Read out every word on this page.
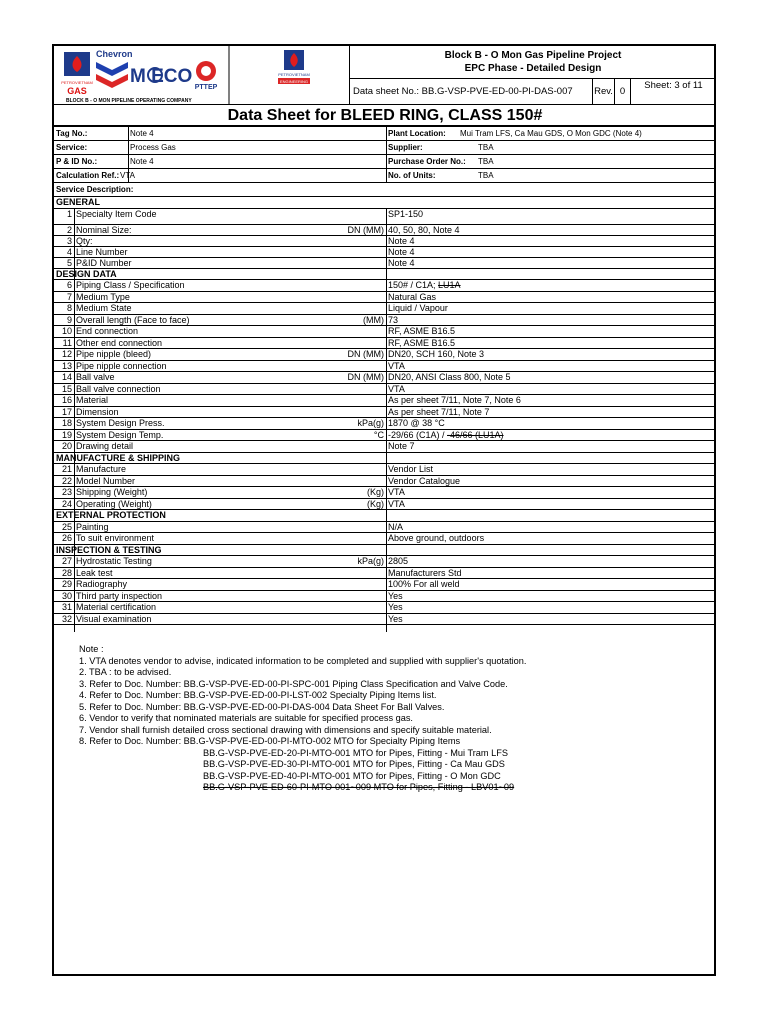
PETROVIETNAM
GAS
Chevron
M ECO
PTTEP
PETROVIETNAM
ENGINEERING
BLOCK B - O MON PIPELINE OPERATING COMPANY
Block B - O Mon Gas Pipeline Project
EPC Phase - Detailed Design
Data sheet No.: BB.G-VSP-PVE-ED-00-PI-DAS-007	Rev. 0
Sheet: 3 of 11
Data Sheet for BLEED RING, CLASS 150#
Tag No.:	Note 4	Plant Location: Mui Tram LFS, Ca Mau GDS, O Mon GDC (Note 4)
Service:	Process Gas	Supplier:	TBA
P & ID No.:	Note 4	Purchase Order No.: TBA
Calculation Ref.: VTA	No. of Units:	TBA
Service Description:
GENERAL
1 Specialty Item Code	SP1-150
2 Nominal Size:	DN (MM) 40, 50, 80, Note 4
3 Qty:	Note 4
4 Line Number	Note 4
5 P&ID Number	Note 4
DESIGN DATA
6 Piping Class / Specification	150# / C1A; LU1A
7 Medium Type	Natural Gas
8 Medium State	Liquid / Vapour
9 Overall length (Face to face)	(MM) 73
10 End connection	RF, ASME B16.5
11 Other end connection	RF, ASME B16.5
12 Pipe nipple (bleed)	DN (MM) DN20, SCH 160, Note 3
13 Pipe nipple connection	VTA
14 Ball valve	DN (MM) DN20, ANSI Class 800, Note 5
15 Ball valve connection	VTA
16 Material	As per sheet 7/11, Note 7, Note 6
17 Dimension	As per sheet 7/11, Note 7
18 System Design Press.	kPa(g) 1870 @ 38 °C
19 System Design Temp.	°C -29/66 (C1A) / -46/66 (LU1A)
20 Drawing detail	Note 7
MANUFACTURE & SHIPPING
21 Manufacture	Vendor List
22 Model Number	Vendor Catalogue
23 Shipping (Weight)	(Kg) VTA
24 Operating (Weight)	(Kg) VTA
EXTERNAL PROTECTION
25 Painting	N/A
26 To suit environment	Above ground, outdoors
INSPECTION & TESTING
27 Hydrostatic Testing	kPa(g) 2805
28 Leak test	Manufacturers Std
29 Radiography	100% For all weld
30 Third party inspection	Yes
31 Material certification	Yes
32 Visual examination	Yes
Note :
1. VTA denotes vendor to advise, indicated information to be completed and supplied with supplier's quotation.
2. TBA : to be advised.
3. Refer to Doc. Number: BB.G-VSP-PVE-ED-00-PI-SPC-001 Piping Class Specification and Valve Code.
4. Refer to Doc. Number: BB.G-VSP-PVE-ED-00-PI-LST-002 Specialty Piping Items list.
5. Refer to Doc. Number: BB.G-VSP-PVE-ED-00-PI-DAS-004 Data Sheet For Ball Valves.
6. Vendor to verify that nominated materials are suitable for specified process gas.
7. Vendor shall furnish detailed cross sectional drawing with dimensions and specify suitable material.
8. Refer to Doc. Number: BB.G-VSP-PVE-ED-00-PI-MTO-002 MTO for Specialty Piping Items
BB.G-VSP-PVE-ED-20-PI-MTO-001 MTO for Pipes, Fitting - Mui Tram LFS
BB.G-VSP-PVE-ED-30-PI-MTO-001 MTO for Pipes, Fitting - Ca Mau GDS
BB.G-VSP-PVE-ED-40-PI-MTO-001 MTO for Pipes, Fitting - O Mon GDC
BB.G-VSP-PVE-ED-60-PI-MTO-001~009 MTO for Pipes, Fitting - LBV01~09
